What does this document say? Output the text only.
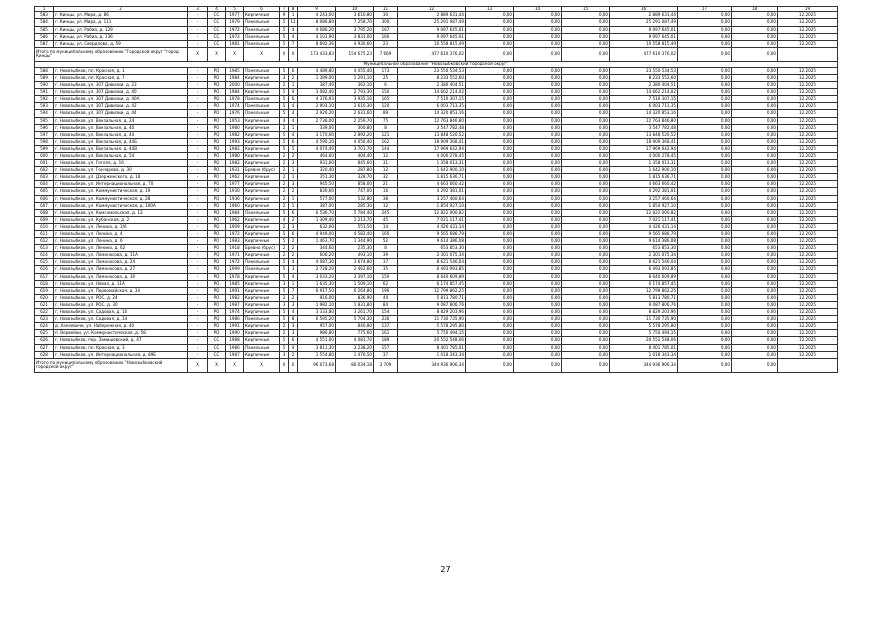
1	2	3	4	5	6	7	8	9	10	11	12	13	14	15	16	17	18	19
583	г. Кинцы, ул. Мира, д. 86	-	СС	1977	Кирпичные	9	1	4 243,00	3 610,80	30	2 889 631,44	0,00	0,00	0,00	2 889 631,44	0,00	0,00	12.2025
584	г. Кинцы, ул. Мира, д. 111	-	СС	1979	Панельные	5	11	8 086,80	7 258,70	300	25 291 087,49	0,00	0,00	0,00	25 291 087,49	0,00	0,00	12.2025
585	г. Кинцы, ул. Рабиа, д. 129	-	СС	1972	Панельные	5	4	4 086,20	3 795,20	167	9 097 645,01	0,00	0,00	0,00	9 097 645,01	0,00	0,00	12.2025
586	г. Кинцы, ул. Рабиа, д. 136	-	СС	1972	Панельные	5	4	4 101,90	3 831,00	160	9 097 645,01	0,00	0,00	0,00	9 097 645,01	0,00	0,00	12.2025
587	г. Кинцы, ул. Свердлова, д. 59	-	СС	1981	Панельные	5	7	8 692,36	4 930,60	23	10 558 815,49	0,00	0,00	0,00	10 558 815,49	0,00	0,00	12.2025
Итого по муниципальному образованию "Городской округ "город Кинцы"		X	X	X	X	X	X	173 433,83	154 675,23	7 669	477 610 376,02	0,00	0,00	0,00	477 610 376,02	0,00	0,00	
Муниципальное образование "Новозыбковский городской округ"																		
588	г. Новозыбков, пл. Красная, д. 1	-	РО	1985	Панельные	5	6	4 489,80	4 055,40	173	23 550 534,53	0,00	0,00	0,00	23 550 534,53	0,00	0,00	12.2025
589	г. Новозыбков, пл. Красная, д. 7	-	РО	1984	Кирпичные	3	2	1 399,00	1 291,10	25	8 233 552,60	0,00	0,00	0,00	8 233 552,60	0,00	0,00	12.2025
590	г. Новозыбков, ул. 307 Дивизии, д. 23	-	РО	2000	Панельные	2	1	387,40	362,10	6	2 380 404,51	0,00	0,00	0,00	2 380 404,51	0,00	0,00	12.2025
591	г. Новозыбков, ул. 307 Дивизии, д. 40	-	РО	1984	Кирпичные	5	4	3 082,40	2 793,30	150	14 662 214,02	0,00	0,00	0,00	14 662 214,02	0,00	0,00	12.2025
592	г. Новозыбков, ул. 307 Дивизии, д. 40А	-	РО	1978	Панельные	5	6	4 376,93	3 935,10	165	7 510 307,15	0,00	0,00	0,00	7 510 307,15	0,00	0,00	12.2025
593	г. Новозыбков, ул. 307 Дивизии, д. 42	-	РО	1974	Панельные	5	4	2 903,10	2 610,30	120	6 003 713,35	0,00	0,00	0,00	6 003 713,35	0,00	0,00	12.2025
594	г. Новозыбков, ул. 307 Дивизии, д. 44	-	РО	1976	Панельные	5	4	2 926,20	2 631,60	89	14 320 853,16	0,00	0,00	0,00	14 320 853,16	0,00	0,00	12.2025
595	г. Новозыбков, ул. Вокзальная, д. 24	-	РО	1953	Кирпичные	4	4	2 736,00	2 259,70	75	12 763 846,80	0,00	0,00	0,00	12 763 846,80	0,00	0,00	12.2025
596	г. Новозыбков, ул. Вокзальная, д. 40	-	РО	1980	Кирпичные	2	1	339,00	300,80	8	3 547 782,48	0,00	0,00	0,00	3 547 782,48	0,00	0,00	12.2025
597	г. Новозыбков, ул. Вокзальная, д. 44	-	РО	1982	Кирпичные	5	4	3 170,00	2 892,20	121	13 848 520,52	0,00	0,00	0,00	13 848 520,52	0,00	0,00	12.2025
598	г. Новозыбков, ул. Вокзальная, д. 44Б	-	РО	1993	Кирпичные	5	6	4 590,10	4 056,40	162	18 909 368,41	0,00	0,00	0,00	18 909 368,41	0,00	0,00	12.2025
599	г. Новозыбков, ул. Вокзальная, д. 44В	-	РО	1982	Кирпичные	5	5	4 074,40	3 701,70	144	17 969 642,94	0,00	0,00	0,00	17 969 642,94	0,00	0,00	12.2025
600	г. Новозыбков, ул. Вокзальная, д. 54	-	РО	1980	Кирпичные	2	2	464,60	404,40	12	4 000 278,45	0,00	0,00	0,00	4 000 278,45	0,00	0,00	12.2025
601	г. Новозыбков, ул. Гоголя, д. 16	-	РО	1982	Кирпичные	2	3	931,00	845,60	31	1 358 013,31	0,00	0,00	0,00	1 358 013,31	0,00	0,00	12.2025
602	г. Новозыбков, ул. Гончарова, д. 30	-	РО	1931	Бревно (брус)	2	1	320,40	287,80	12	1 642 900,10	0,00	0,00	0,00	1 642 900,10	0,00	0,00	12.2025
603	г. Новозыбков, ул. Дзержинского, д. 18	-	РО	1962	Кирпичные	2	1	351,30	328,70	32	1 815 636,71	0,00	0,00	0,00	1 815 636,71	0,00	0,00	12.2025
604	г. Новозыбков, ул. Интернациональная, д. 70	-	РО	1977	Кирпичные	2	3	945,50	858,00	21	4 663 660,42	0,00	0,00	0,00	4 663 660,42	0,00	0,00	12.2025
605	г. Новозыбков, ул. Коммунистическая, д. 19	-	РО	1930	Кирпичные	2	2	830,00	747,00	16	4 292 381,01	0,00	0,00	0,00	4 292 381,01	0,00	0,00	12.2025
606	г. Новозыбков, ул. Коммунистическая, д. 28	-	РО	1936	Кирпичные	2	1	577,00	532,80	38	3 257 460,64	0,00	0,00	0,00	3 257 460,64	0,00	0,00	12.2025
607	г. Новозыбков, ул. Коммунистическая, д. 100А	-	РО	1960	Кирпичные	2	1	387,00	285,30	12	1 854 927,10	0,00	0,00	0,00	1 854 927,10	0,00	0,00	12.2025
608	г. Новозыбков, ул. Комсомольская, д. 13	-	РО	1984	Панельные	5	6	6 536,70	5 784,40	245	12 822 000,82	0,00	0,00	0,00	12 822 000,82	0,00	0,00	12.2025
609	г. Новозыбков, ул. Кубанская, д. 2	-	РО	1962	Кирпичные	4	2	1 309,40	1 213,70	45	7 021 117,41	0,00	0,00	0,00	7 021 117,41	0,00	0,00	12.2025
610	г. Новозыбков, ул. Ленина, д. 3/6	-	РО	1909	Кирпичные	2	3	632,00	551,50	14	4 426 431,14	0,00	0,00	0,00	4 426 431,14	0,00	0,00	12.2025
611	г. Новозыбков, ул. Ленина, д. 4	-	РО	1972	Кирпичные	5	6	4 949,00	4 582,40	160	9 565 686,79	0,00	0,00	0,00	9 565 686,79	0,00	0,00	12.2025
612	г. Новозыбков, ул. Ленина, д. 6	-	РО	1983	Кирпичные	5	2	1 463,70	1 344,90	52	9 614 386,08	0,00	0,00	0,00	9 614 386,08	0,00	0,00	12.2025
613	г. Новозыбков, ул. Ленина, д. 62	-	РО	1918	Бревно (брус)	2	2	344,60	235,30	8	653 853,30	0,00	0,00	0,00	653 853,30	0,00	0,00	12.2025
614	г. Новозыбков, ул. Ломоносова, д. 11А	-	РО	1971	Кирпичные	2	2	606,20	493,10	39	2 301 075,34	0,00	0,00	0,00	2 301 075,34	0,00	0,00	12.2025
615	г. Новозыбков, ул. Ломоносова, д. 24	-	РО	1972	Панельные	5	4	4 087,30	3 674,80	37	8 621 546,04	0,00	0,00	0,00	8 621 546,04	0,00	0,00	12.2025
616	г. Новозыбков, ул. Ломоносова, д. 27	-	РО	1999	Панельные	5	3	2 728,20	2 462,60	35	6 493 093,85	0,00	0,00	0,00	6 493 093,85	0,00	0,00	12.2025
617	г. Новозыбков, ул. Ломоносова, д. 30	-	РО	1978	Кирпичные	5	4	3 033,20	3 397,10	150	8 640 609,89	0,00	0,00	0,00	8 640 609,89	0,00	0,00	12.2025
618	г. Новозыбков, ул. Новая, д. 11А	-	РО	1985	Кирпичные	3	1	1 635,30	1 509,10	62	6 174 857,45	0,00	0,00	0,00	6 174 857,45	0,00	0,00	12.2025
619	г. Новозыбков, ул. Первомайская, д. 34	-	РО	1991	Кирпичные	5	7	6 917,50	6 264,80	196	12 799 862,25	0,00	0,00	0,00	12 799 862,25	0,00	0,00	12.2025
620	г. Новозыбков, ул. РОС, д. 24	-	РО	1982	Кирпичные	2	2	916,00	836,90	44	5 813 780,71	0,00	0,00	0,00	5 813 780,71	0,00	0,00	12.2025
621	г. Новозыбков, ул. РОС, д. 30	-	РО	1987	Кирпичные	3	3	1 982,10	1 831,80	84	9 087 806,76	0,00	0,00	0,00	9 087 806,76	0,00	0,00	12.2025
622	г. Новозыбков, ул. Садовая, д. 10	-	РО	1974	Кирпичные	5	4	3 333,80	3 261,70	154	8 829 203,96	0,00	0,00	0,00	8 829 203,96	0,00	0,00	12.2025
623	г. Новозыбков, ул. Садовая, д. 14	-	РО	1986	Панельные	5	8	6 595,20	5 704,30	230	11 730 735,90	0,00	0,00	0,00	11 730 735,90	0,00	0,00	12.2025
624	д. Халеевичи, ул. Набережная, д. 40	-	РО	1991	Кирпичные	2	3	957,00	840,80	137	5 578 295,80	0,00	0,00	0,00	5 578 295,80	0,00	0,00	12.2025
625	п. Вервейки, ул. Коммунистическая, д. 58	-	РО	1990	Кирпичные	2	3	986,80	775,60	161	5 750 494,15	0,00	0,00	0,00	5 750 494,15	0,00	0,00	12.2025
626	г. Новозыбков, пер. Замишевский, д. 47	-	СС	1988	Кирпичные	5	6	4 551,00	4 081,70	189	20 552 548,06	0,00	0,00	0,00	20 552 548,06	0,00	0,00	12.2025
627	г. Новозыбков, пл. Красная, д. 3	-	СС	1986	Панельные	5	4	3 811,30	3 238,20	157	8 401 785,01	0,00	0,00	0,00	8 401 785,01	0,00	0,00	12.2025
628	г. Новозыбков, ул. Интернациональная, д. 89Б	-	СС	1987	Кирпичные	3	2	1 554,80	1 476,50	37	1 018 343,34	0,00	0,00	0,00	1 018 343,34	0,00	0,00	12.2025
Итого по муниципальному образованию "Новозыбковский городской округ"		X	X	X	X	X	X	96 073,68	86 034,18	3 709	344 936 906,34	0,00	0,00	0,00	344 936 906,34	0,00	0,00	
27
